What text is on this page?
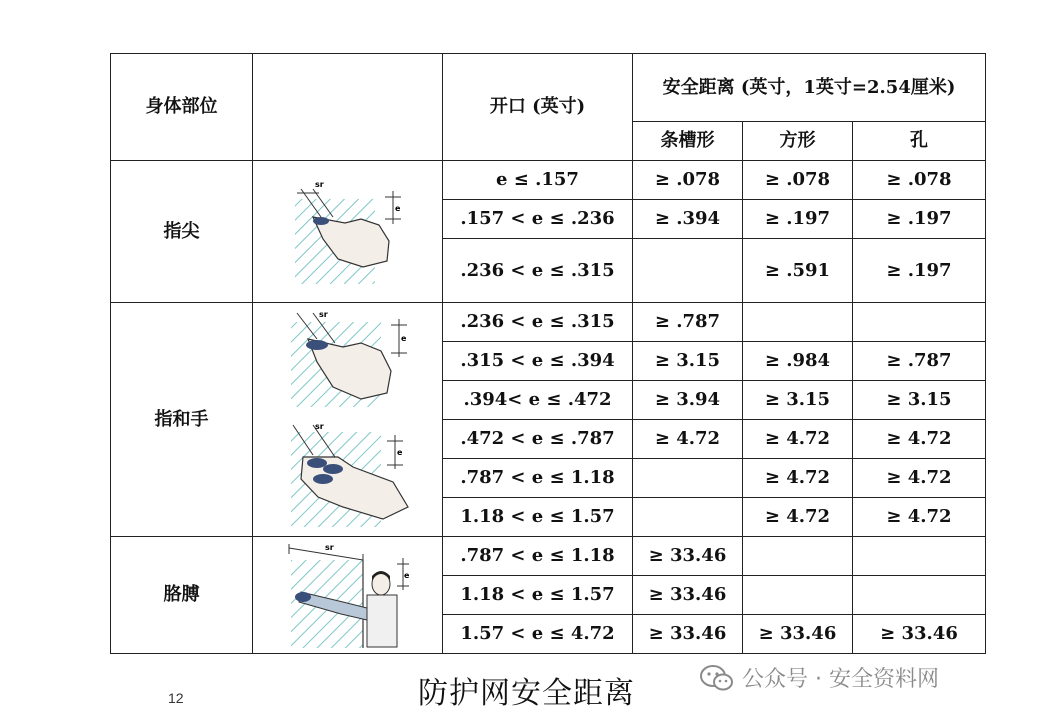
身体部位		开口 (英寸)	安全距离 (英寸，1英寸=2.54厘米)		
			条槽形	方形	孔
指尖	sr
e	e ≤ .157	≥ .078	≥ .078	≥ .078
		.157 < e ≤ .236	≥ .394	≥ .197	≥ .197
		.236 < e ≤ .315		≥ .591	≥ .197
指和手	sr
e
sr
e	.236 < e ≤ .315	≥ .787		
		.315 < e ≤ .394	≥ 3.15	≥ .984	≥ .787
		.394< e ≤ .472	≥ 3.94	≥ 3.15	≥ 3.15
		.472 < e ≤ .787	≥ 4.72	≥ 4.72	≥ 4.72
		.787 < e ≤ 1.18		≥ 4.72	≥ 4.72
		1.18 < e ≤ 1.57		≥ 4.72	≥ 4.72
胳膊	sr
e	.787 < e ≤ 1.18	≥ 33.46		
		1.18 < e ≤ 1.57	≥ 33.46		
		1.57 < e ≤ 4.72	≥ 33.46	≥ 33.46	≥ 33.46
12	防护网安全距离	公众号 · 安全资料网
